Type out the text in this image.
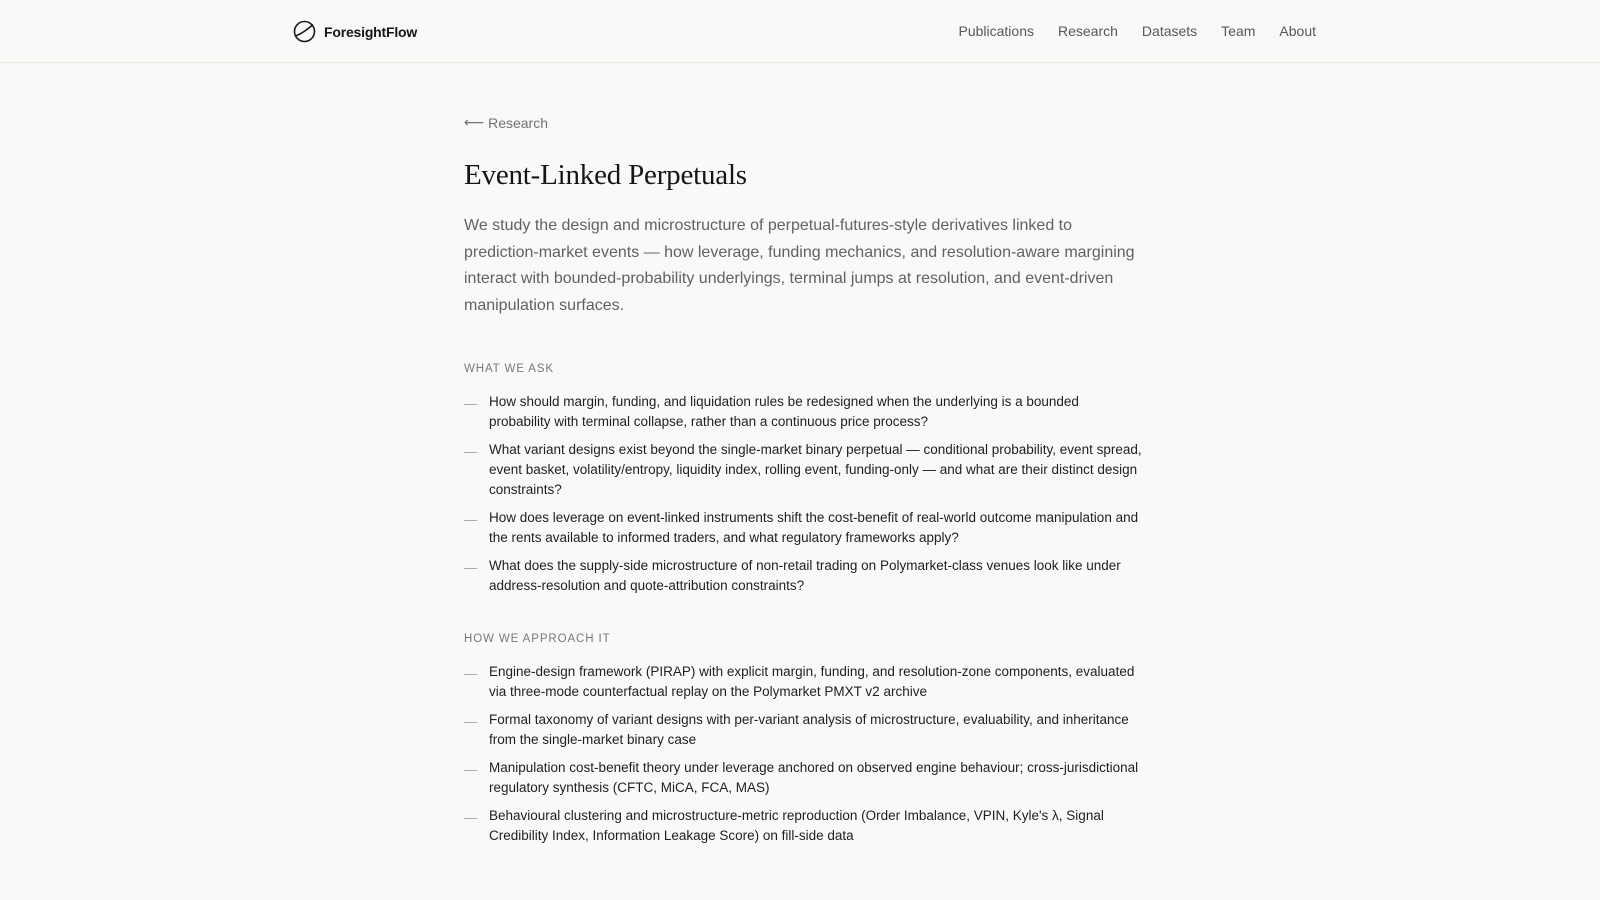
ForesightFlow	Publications Research Datasets Team About
⟵ Research
Event-Linked Perpetuals

We study the design and microstructure of perpetual-futures-style derivatives linked to prediction-market events — how leverage, funding mechanics, and resolution-aware margining interact with bounded-probability underlyings, terminal jumps at resolution, and event-driven manipulation surfaces.

WHAT WE ASK
— How should margin, funding, and liquidation rules be redesigned when the underlying is a bounded probability with terminal collapse, rather than a continuous price process?
— What variant designs exist beyond the single-market binary perpetual — conditional probability, event spread, event basket, volatility/entropy, liquidity index, rolling event, funding-only — and what are their distinct design constraints?
— How does leverage on event-linked instruments shift the cost-benefit of real-world outcome manipulation and the rents available to informed traders, and what regulatory frameworks apply?
— What does the supply-side microstructure of non-retail trading on Polymarket-class venues look like under address-resolution and quote-attribution constraints?
HOW WE APPROACH IT
— Engine-design framework (PIRAP) with explicit margin, funding, and resolution-zone components, evaluated via three-mode counterfactual replay on the Polymarket PMXT v2 archive
— Formal taxonomy of variant designs with per-variant analysis of microstructure, evaluability, and inheritance from the single-market binary case
— Manipulation cost-benefit theory under leverage anchored on observed engine behaviour; cross-jurisdictional regulatory synthesis (CFTC, MiCA, FCA, MAS)
— Behavioural clustering and microstructure-metric reproduction (Order Imbalance, VPIN, Kyle's λ, Signal Credibility Index, Information Leakage Score) on fill-side data
